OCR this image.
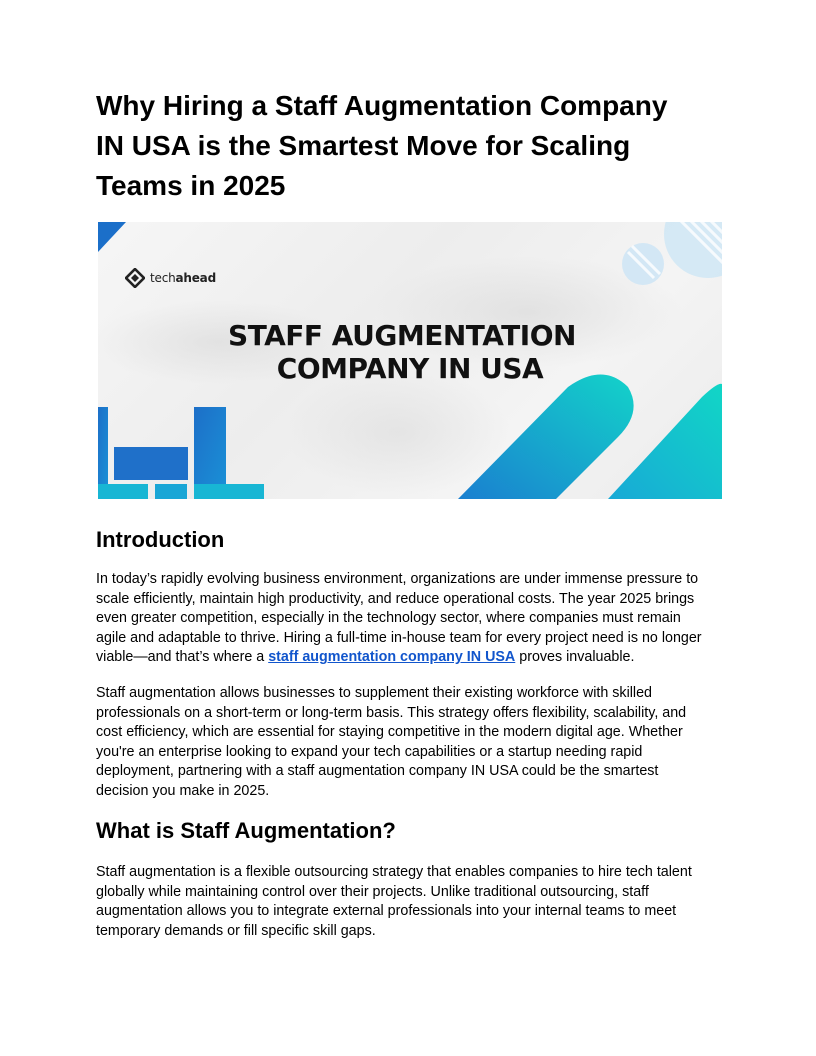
Why Hiring a Staff Augmentation Company
IN USA is the Smartest Move for Scaling
Teams in 2025
techahead
STAFF AUGMENTATION
COMPANY IN USA
Introduction

In today’s rapidly evolving business environment, organizations are under immense pressure to
scale efficiently, maintain high productivity, and reduce operational costs. The year 2025 brings
even greater competition, especially in the technology sector, where companies must remain
agile and adaptable to thrive. Hiring a full-time in-house team for every project need is no longer
viable—and that’s where a staff augmentation company IN USA proves invaluable.

Staff augmentation allows businesses to supplement their existing workforce with skilled
professionals on a short-term or long-term basis. This strategy offers flexibility, scalability, and
cost efficiency, which are essential for staying competitive in the modern digital age. Whether
you're an enterprise looking to expand your tech capabilities or a startup needing rapid
deployment, partnering with a staff augmentation company IN USA could be the smartest
decision you make in 2025.

What is Staff Augmentation?

Staff augmentation is a flexible outsourcing strategy that enables companies to hire tech talent
globally while maintaining control over their projects. Unlike traditional outsourcing, staff
augmentation allows you to integrate external professionals into your internal teams to meet
temporary demands or fill specific skill gaps.
